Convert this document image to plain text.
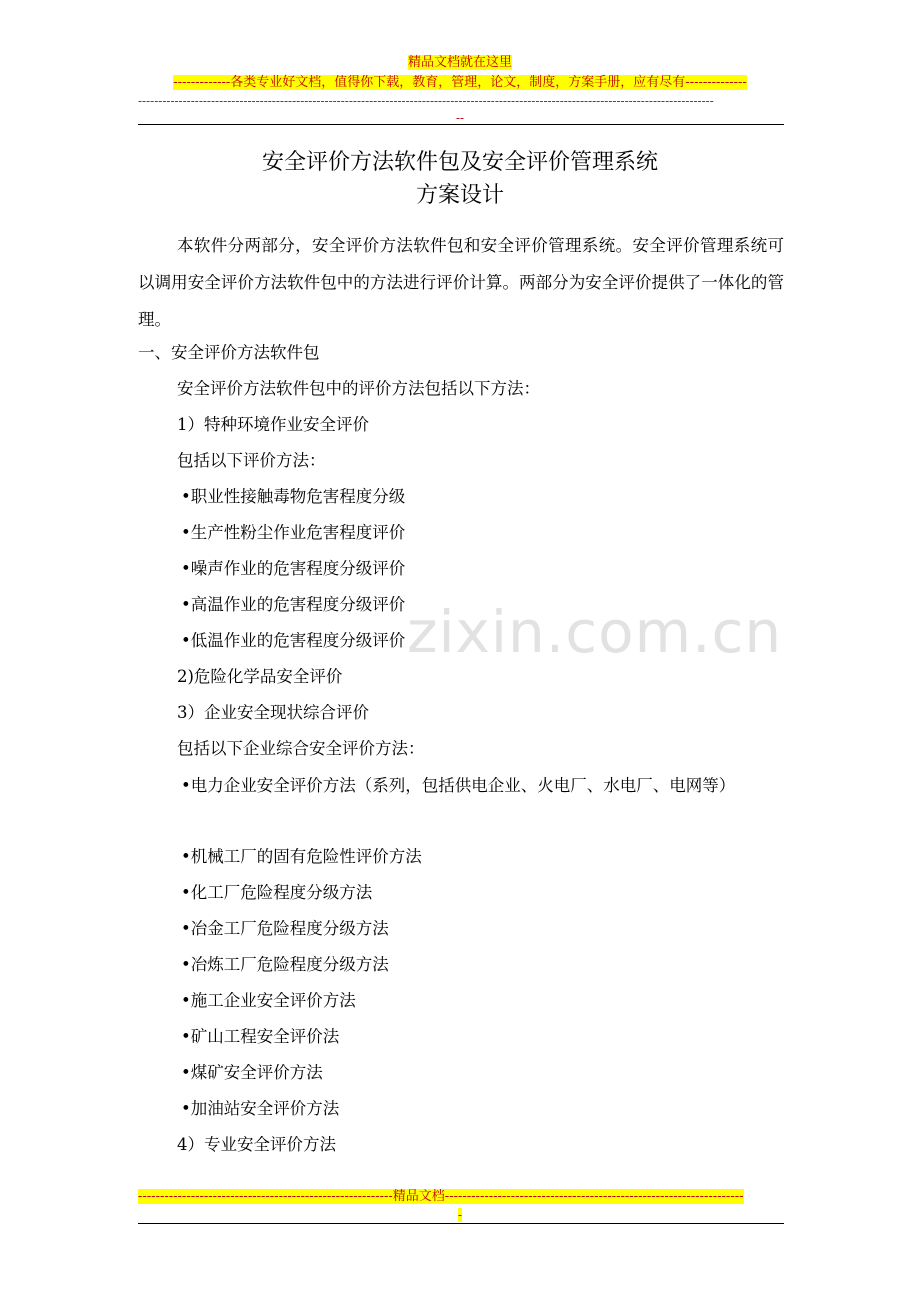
精品文档就在这里
-------------各类专业好文档，值得你下载，教育，管理，论文，制度，方案手册，应有尽有--------------
----------------------------------------------------------------------------------------------------------------------------------------------
--
安全评价方法软件包及安全评价管理系统
方案设计
本软件分两部分，安全评价方法软件包和安全评价管理系统。安全评价管理系统可以调用安全评价方法软件包中的方法进行评价计算。两部分为安全评价提供了一体化的管理。
一、安全评价方法软件包
安全评价方法软件包中的评价方法包括以下方法：
1）特种环境作业安全评价
包括以下评价方法：
•职业性接触毒物危害程度分级
•生产性粉尘作业危害程度评价
•噪声作业的危害程度分级评价
•高温作业的危害程度分级评价
•低温作业的危害程度分级评价
2)危险化学品安全评价
3）企业安全现状综合评价
包括以下企业综合安全评价方法：
•电力企业安全评价方法（系列，包括供电企业、火电厂、水电厂、电网等）
•机械工厂的固有危险性评价方法
•化工厂危险程度分级方法
•冶金工厂危险程度分级方法
•冶炼工厂危险程度分级方法
•施工企业安全评价方法
•矿山工程安全评价法
•煤矿安全评价方法
•加油站安全评价方法
4）专业安全评价方法
zixin.com.cn
----------------------------------------------------------精品文档--------------------------------------------------------------------
-
